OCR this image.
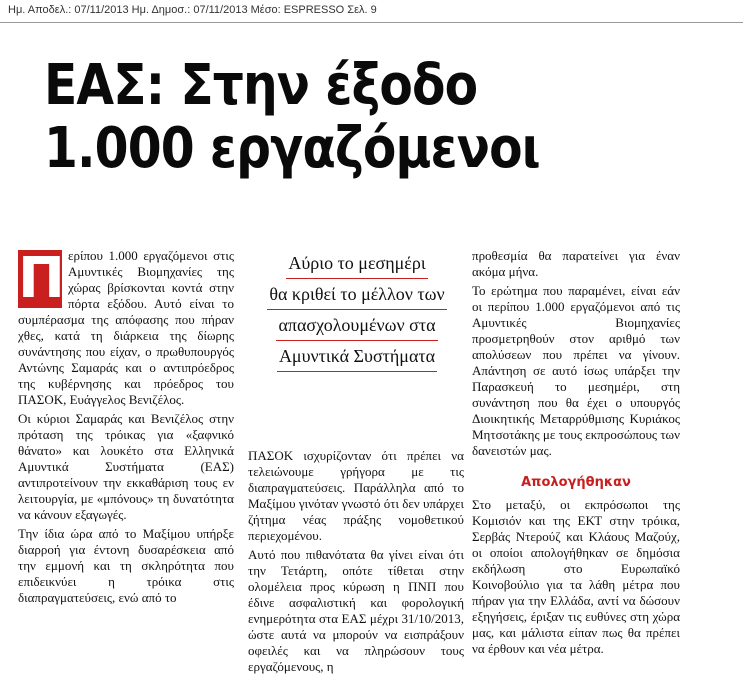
Ημ. Αποδελ.: 07/11/2013 Ημ. Δημοσ.: 07/11/2013 Μέσο: ESPRESSO Σελ. 9
ΕΑΣ: Στην έξοδο
1.000 εργαζόμενοι

Π ερίπου 1.000 εργαζόμενοι στις Αμυντικές Βιομηχανίες της χώρας βρίσκονται κοντά στην πόρτα εξόδου. Αυτό είναι το συμπέρασμα της απόφασης που πήραν χθες, κατά τη διάρκεια της δίωρης συνάντησης που είχαν, ο πρωθυπουργός Αντώνης Σαμαράς και ο αντιπρόεδρος της κυβέρνησης και πρόεδρος του ΠΑΣΟΚ, Ευάγγελος Βενιζέλος.

Οι κύριοι Σαμαράς και Βενιζέλος στην πρόταση της τρόικας για «ξαφνικό θάνατο» και λουκέτο στα Ελληνικά Αμυντικά Συστήματα (ΕΑΣ) αντιπροτείνουν την εκκαθάριση τους εν λειτουργία, με «μπόνους» τη δυνατότητα να κάνουν εξαγωγές.

Την ίδια ώρα από το Μαξίμου υπήρξε διαρροή για έντονη δυσαρέσκεια από την εμμονή και τη σκληρότητα που επιδεικνύει η τρόικα στις διαπραγματεύσεις, ενώ από το

Αύριο το μεσημέρι
θα κριθεί το μέλλον των
απασχολουμένων στα
Αμυντικά Συστήματα

ΠΑΣΟΚ ισχυρίζονταν ότι πρέπει να τελειώνουμε γρήγορα με τις διαπραγματεύσεις. Παράλληλα από το Μαξίμου γινόταν γνωστό ότι δεν υπάρχει ζήτημα νέας πράξης νομοθετικού περιεχομένου.

Αυτό που πιθανότατα θα γίνει είναι ότι την Τετάρτη, οπότε τίθεται στην ολομέλεια προς κύρωση η ΠΝΠ που έδινε ασφαλιστική και φορολογική ενημερότητα στα ΕΑΣ μέχρι 31/10/2013, ώστε αυτά να μπορούν να εισπράξουν οφειλές και να πληρώσουν τους εργαζόμενους, η

προθεσμία θα παρατείνει για έναν ακόμα μήνα.

Το ερώτημα που παραμένει, είναι εάν οι περίπου 1.000 εργαζόμενοι από τις Αμυντικές Βιομηχανίες προσμετρηθούν στον αριθμό των απολύσεων που πρέπει να γίνουν. Απάντηση σε αυτό ίσως υπάρξει την Παρασκευή το μεσημέρι, στη συνάντηση που θα έχει ο υπουργός Διοικητικής Μεταρρύθμισης Κυριάκος Μητσοτάκης με τους εκπροσώπους των δανειστών μας.

Απολογήθηκαν

Στο μεταξύ, οι εκπρόσωποι της Κομισιόν και της ΕΚΤ στην τρόικα, Σερβάς Ντερούζ και Κλάους Μαζούχ, οι οποίοι απολογήθηκαν σε δημόσια εκδήλωση στο Ευρωπαϊκό Κοινοβούλιο για τα λάθη μέτρα που πήραν για την Ελλάδα, αντί να δώσουν εξηγήσεις, έριξαν τις ευθύνες στη χώρα μας, και μάλιστα είπαν πως θα πρέπει να έρθουν και νέα μέτρα.
